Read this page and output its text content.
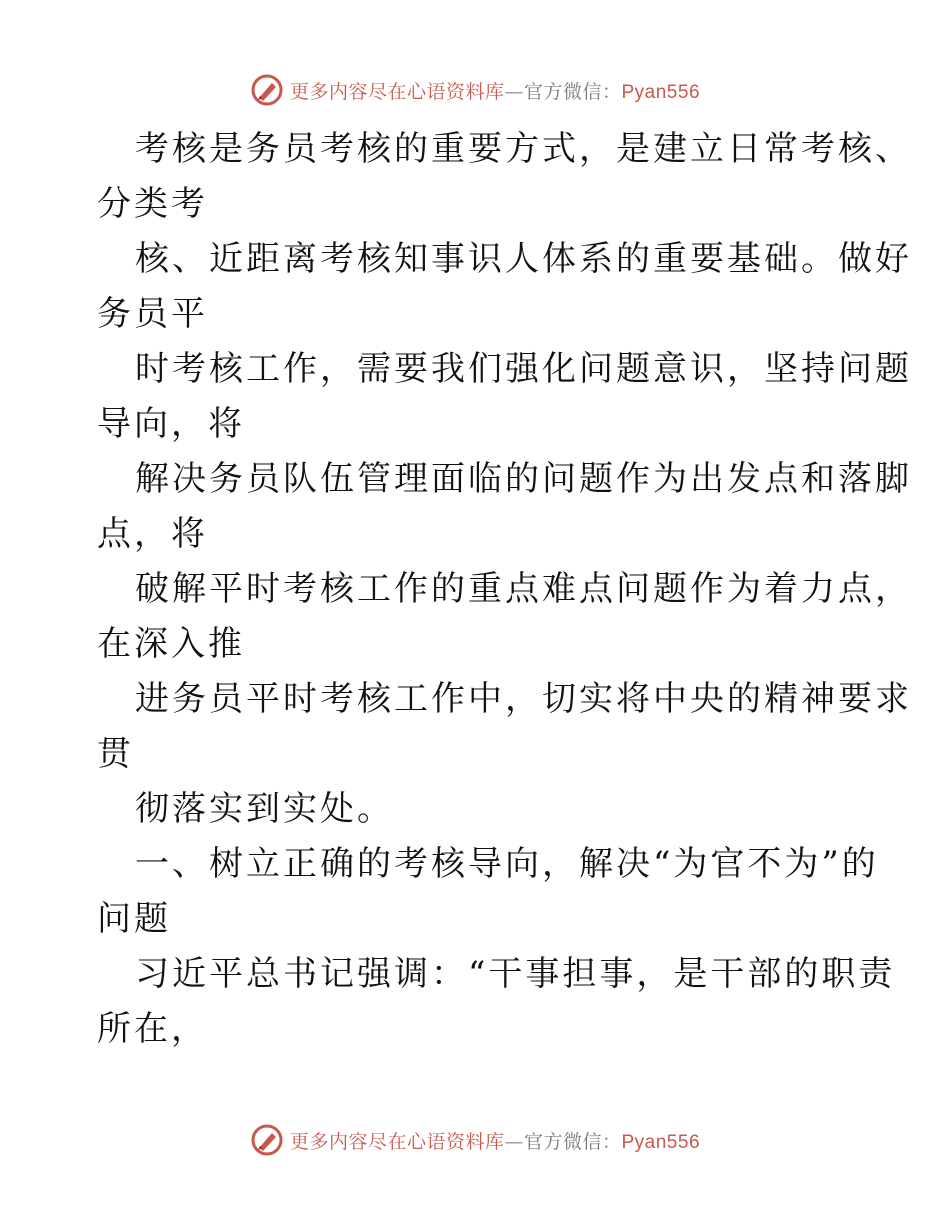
更多内容尽在心语资料库—官方微信：Pyan556
考核是务员考核的重要方式，是建立日常考核、
分类考
核、近距离考核知事识人体系的重要基础。做好
务员平
时考核工作，需要我们强化问题意识，坚持问题
导向，将
解决务员队伍管理面临的问题作为出发点和落脚
点，将
破解平时考核工作的重点难点问题作为着力点，
在深入推
进务员平时考核工作中，切实将中央的精神要求
贯
彻落实到实处。
一、树立正确的考核导向，解决“为官不为”的
问题
习近平总书记强调：“干事担事，是干部的职责
所在，
更多内容尽在心语资料库—官方微信：Pyan556
